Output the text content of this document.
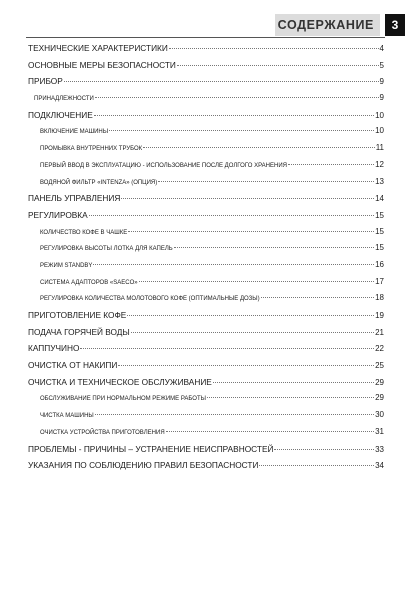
СОДЕРЖАНИЕ 3
ТЕХНИЧЕСКИЕ ХАРАКТЕРИСТИКИ	4
ОСНОВНЫЕ МЕРЫ БЕЗОПАСНОСТИ	5
ПРИБОР	9
ПРИНАДЛЕЖНОСТИ	9
ПОДКЛЮЧЕНИЕ	10
ВКЛЮЧЕНИЕ МАШИНЫ	10
ПРОМЫВКА ВНУТРЕННИХ ТРУБОК	11
ПЕРВЫЙ ВВОД В ЭКСПЛУАТАЦИЮ - ИСПОЛЬЗОВАНИЕ ПОСЛЕ ДОЛГОГО ХРАНЕНИЯ	12
ВОДЯНОЙ ФИЛЬТР «INTENZA» (ОПЦИЯ)	13
ПАНЕЛЬ УПРАВЛЕНИЯ	14
РЕГУЛИРОВКА	15
КОЛИЧЕСТВО КОФЕ В ЧАШКЕ	15
РЕГУЛИРОВКА ВЫСОТЫ ЛОТКА ДЛЯ КАПЕЛЬ	15
РЕЖИМ STANDBY	16
СИСТЕМА АДАПТОРОВ «SAECO»	17
РЕГУЛИРОВКА КОЛИЧЕСТВА МОЛОТОВОГО КОФЕ (ОПТИМАЛЬНЫЕ ДОЗЫ)	18
ПРИГОТОВЛЕНИЕ КОФЕ	19
ПОДАЧА ГОРЯЧЕЙ ВОДЫ	21
КАППУЧИНО	22
ОЧИСТКА ОТ НАКИПИ	25
ОЧИСТКА И ТЕХНИЧЕСКОЕ ОБСЛУЖИВАНИЕ	29
ОБСЛУЖИВАНИЕ ПРИ НОРМАЛЬНОМ РЕЖИМЕ РАБОТЫ	29
ЧИСТКА МАШИНЫ	30
ОЧИСТКА УСТРОЙСТВА ПРИГОТОВЛЕНИЯ	31
ПРОБЛЕМЫ - ПРИЧИНЫ – УСТРАНЕНИЕ НЕИСПРАВНОСТЕЙ	33
УКАЗАНИЯ ПО СОБЛЮДЕНИЮ ПРАВИЛ БЕЗОПАСНОСТИ	34
